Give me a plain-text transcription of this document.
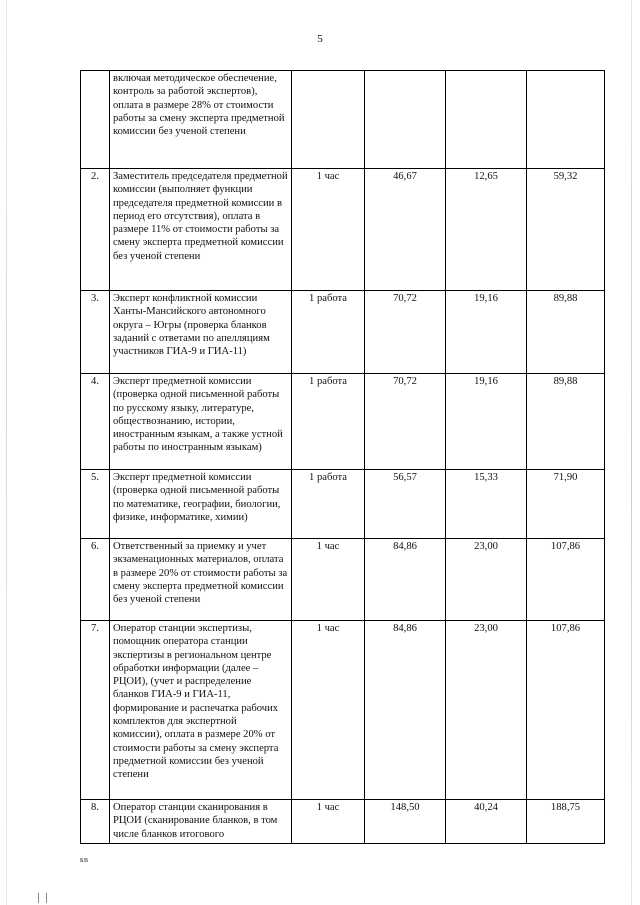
5
	включая методическое обеспечение, контроль за работой экспертов), оплата в размере 28% от стоимости работы за смену эксперта предметной комиссии без ученой степени				
2.	Заместитель председателя предметной комиссии (выполняет функции председателя предметной комиссии в период его отсутствия), оплата в размере 11% от стоимости работы за смену эксперта предметной комиссии без ученой степени	1 час	46,67	12,65	59,32
3.	Эксперт конфликтной комиссии Ханты-Мансийского автономного округа – Югры (проверка бланков заданий с ответами по апелляциям участников ГИА-9 и ГИА-11)	1 работа	70,72	19,16	89,88
4.	Эксперт предметной комиссии (проверка одной письменной работы по русскому языку, литературе, обществознанию, истории, иностранным языкам, а также устной работы по иностранным языкам)	1 работа	70,72	19,16	89,88
5.	Эксперт предметной комиссии (проверка одной письменной работы по математике, географии, биологии, физике, информатике, химии)	1 работа	56,57	15,33	71,90
6.	Ответственный за приемку и учет экзаменационных материалов, оплата в размере 20% от стоимости работы за смену эксперта предметной комиссии без ученой степени	1 час	84,86	23,00	107,86
7.	Оператор станции экспертизы, помощник оператора станции экспертизы в региональном центре обработки информации (далее – РЦОИ), (учет и распределение бланков ГИА-9 и ГИА-11, формирование и распечатка рабочих комплектов для экспертной комиссии), оплата в размере 20% от стоимости работы за смену эксперта предметной комиссии без ученой степени	1 час	84,86	23,00	107,86
8.	Оператор станции сканирования в РЦОИ (сканирование бланков, в том числе бланков итогового	1 час	148,50	40,24	188,75
БВ
